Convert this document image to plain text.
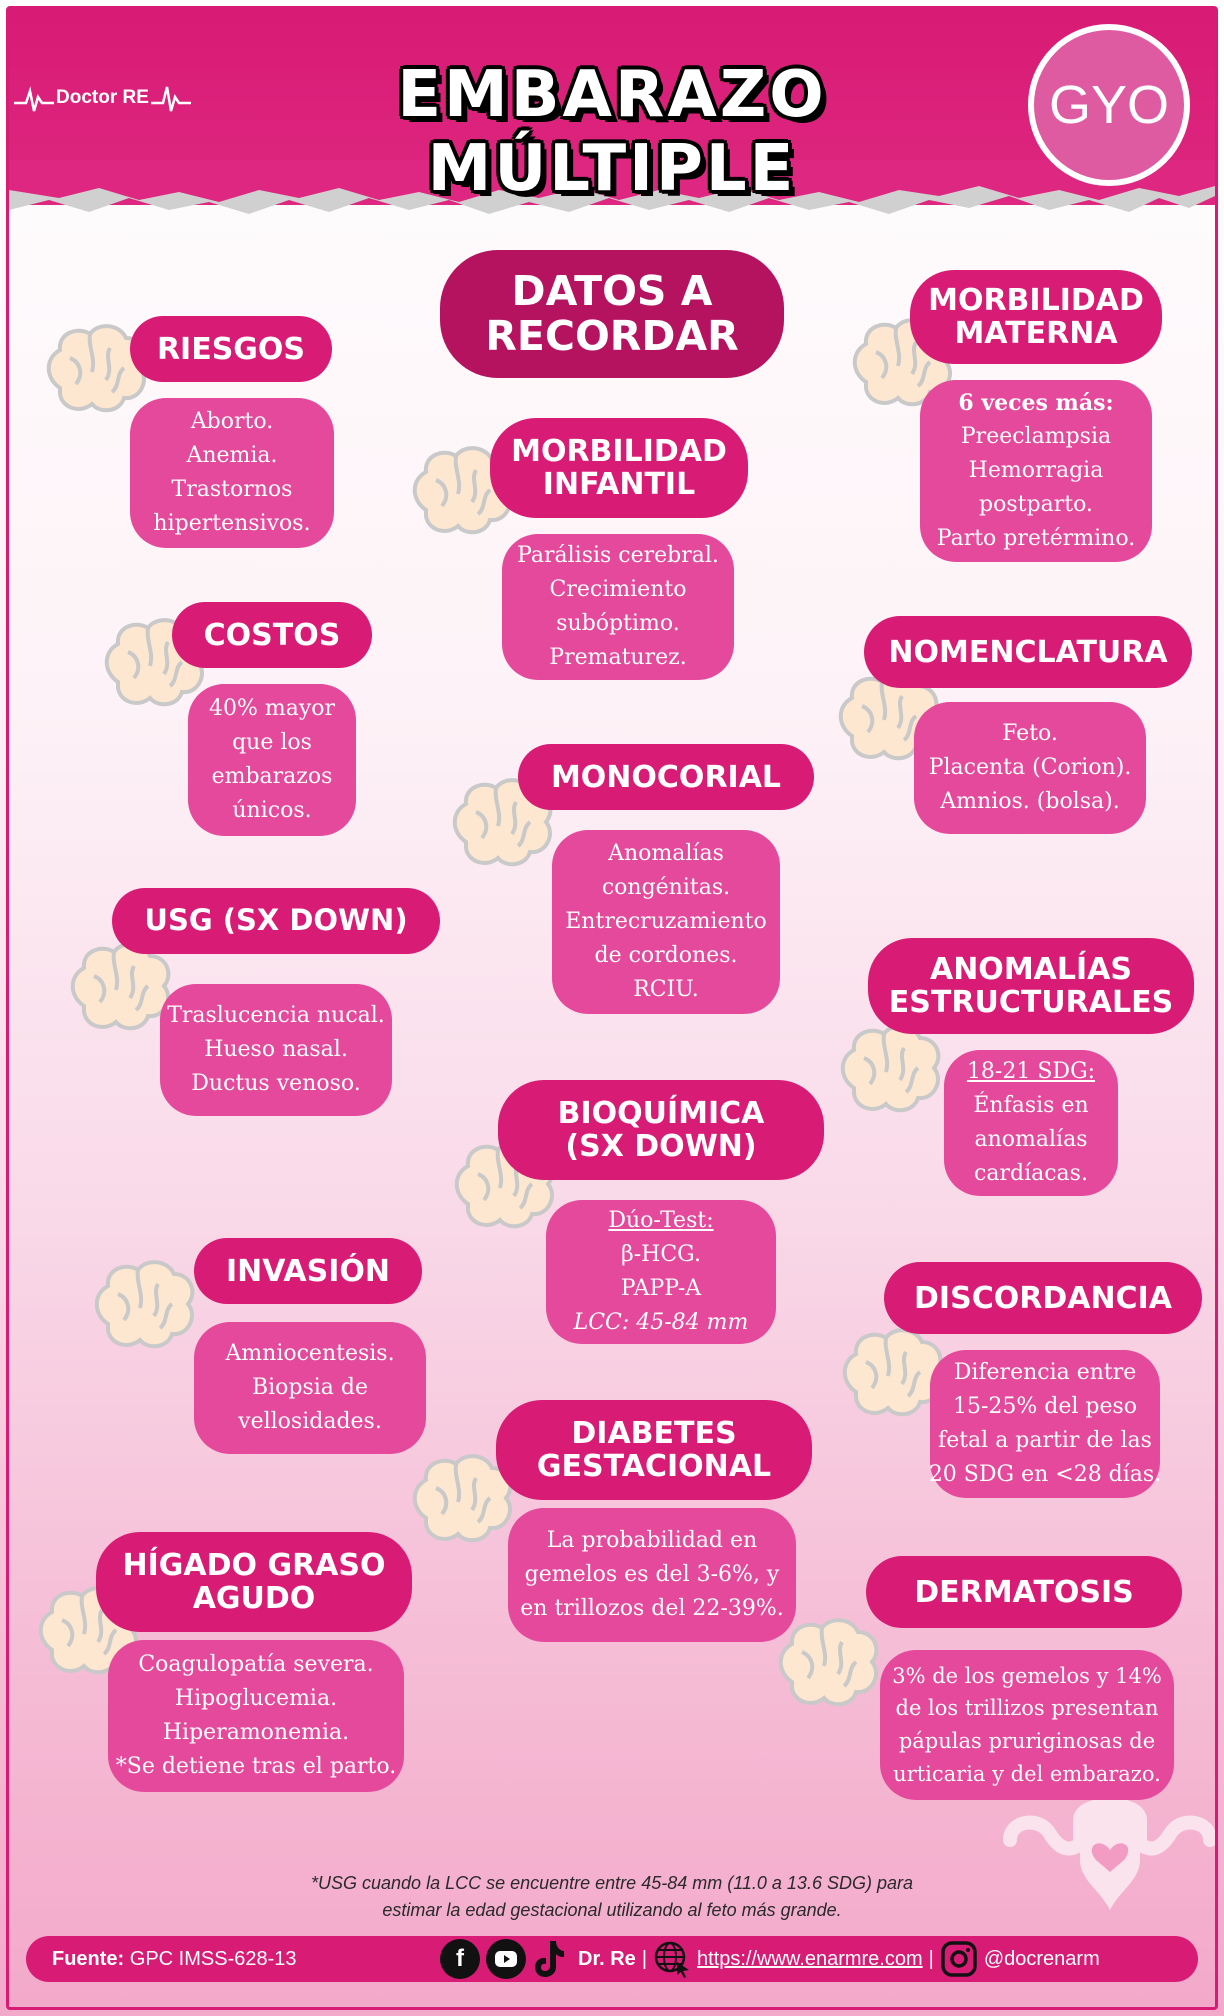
Doctor RE	EMBARAZO MÚLTIPLE
GYO
RIESGOS
Aborto.
Anemia.
Trastornos
hipertensivos.
COSTOS
40% mayor
que los
embarazos
únicos.
USG (SX DOWN)
Traslucencia nucal.
Hueso nasal.
Ductus venoso.
INVASIÓN
Amniocentesis.
Biopsia de
vellosidades.
HÍGADO GRASO
AGUDO
Coagulopatía severa.
Hipoglucemia.
Hiperamonemia.
*Se detiene tras el parto.
DATOS A
RECORDAR
MORBILIDAD
INFANTIL
Parálisis cerebral.
Crecimiento
subóptimo.
Prematurez.
MONOCORIAL
Anomalías
congénitas.
Entrecruzamiento
de cordones.
RCIU.
BIOQUÍMICA
(SX DOWN)
Dúo-Test:
β-HCG.
PAPP-A
LCC: 45-84 mm
DIABETES
GESTACIONAL
La probabilidad en
gemelos es del 3-6%, y
en trillozos del 22-39%.
MORBILIDAD
MATERNA
6 veces más:
Preeclampsia
Hemorragia
postparto.
Parto pretérmino.
NOMENCLATURA
Feto.
Placenta (Corion).
Amnios. (bolsa).
ANOMALÍAS
ESTRUCTURALES
18-21 SDG:
Énfasis en
anomalías
cardíacas.
DISCORDANCIA
Diferencia entre
15-25% del peso
fetal a partir de las
20 SDG en <28 días.
DERMATOSIS
3% de los gemelos y 14%
de los trillizos presentan
pápulas pruriginosas de
urticaria y del embarazo.
*USG cuando la LCC se encuentre entre 45-84 mm (11.0 a 13.6 SDG) para
estimar la edad gestacional utilizando al feto más grande.
Fuente: GPC IMSS-628-13	f	Dr. Re |	https://www.enarmre.com |	@docrenarm
